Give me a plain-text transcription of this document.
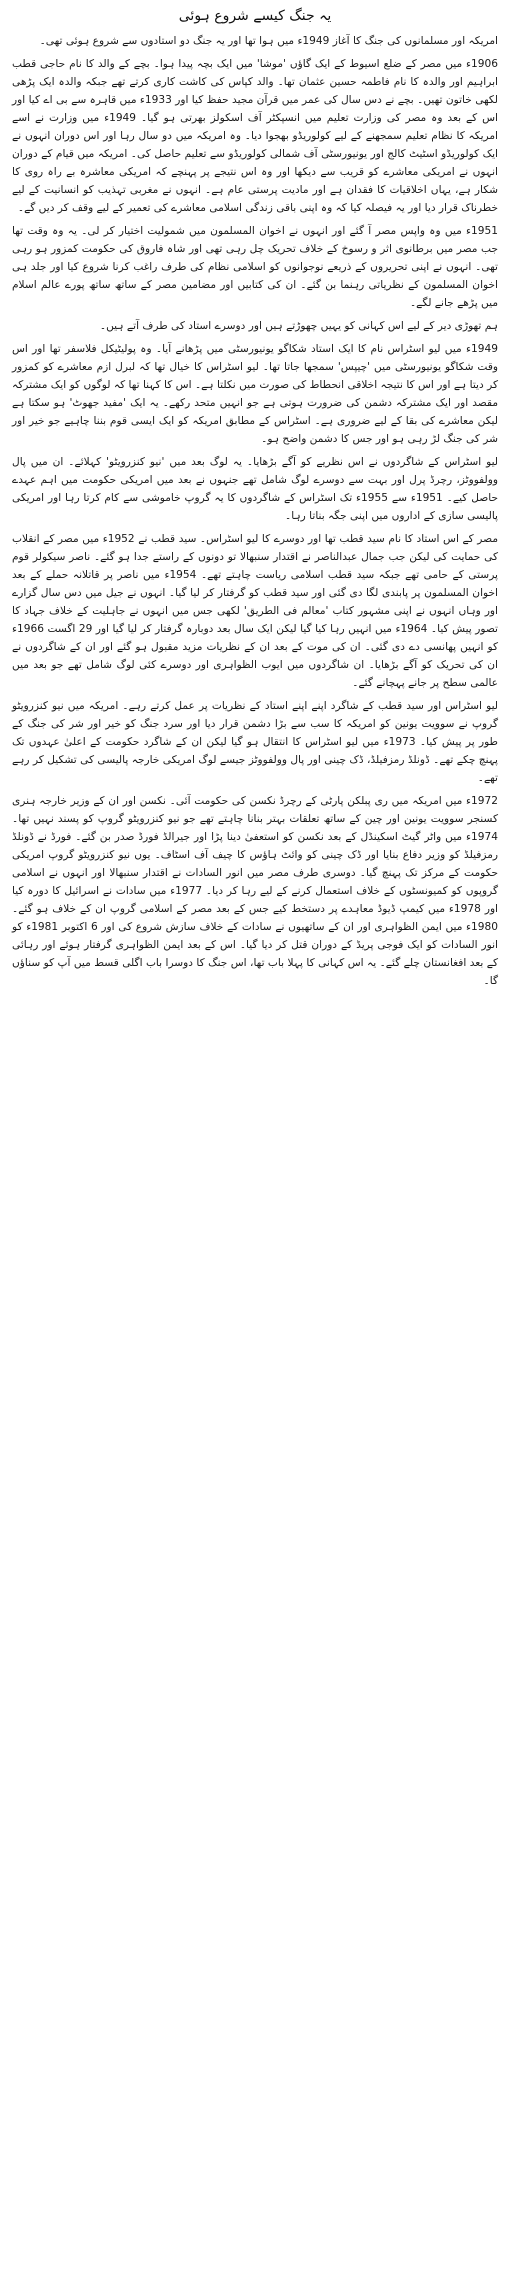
یہ جنگ کیسے شروع ہوئی

امریکہ اور مسلمانوں کی جنگ کا آغاز 1949ء میں ہوا تھا اور یہ جنگ دو استادوں سے شروع ہوئی تھی۔

1906ء میں مصر کے ضلع اسیوط کے ایک گاؤں 'موشا' میں ایک بچہ پیدا ہوا۔ بچے کے والد کا نام حاجی قطب ابراہیم اور والدہ کا نام فاطمہ حسین عثمان تھا۔ والد کپاس کی کاشت کاری کرتے تھے جبکہ والدہ ایک پڑھی لکھی خاتون تھیں۔ بچے نے دس سال کی عمر میں قرآن مجید حفظ کیا اور 1933ء میں قاہرہ سے بی اے کیا اور اس کے بعد وہ مصر کی وزارت تعلیم میں انسپکٹر آف اسکولز بھرتی ہو گیا۔ 1949ء میں وزارت نے اسے امریکہ کا نظام تعلیم سمجھنے کے لیے کولوریڈو بھجوا دیا۔ وہ امریکہ میں دو سال رہا اور اس دوران انہوں نے ایک کولوریڈو اسٹیٹ کالج اور یونیورسٹی آف شمالی کولوریڈو سے تعلیم حاصل کی۔ امریکہ میں قیام کے دوران انہوں نے امریکی معاشرے کو قریب سے دیکھا اور وہ اس نتیجے پر پہنچے کہ امریکی معاشرہ بے راہ روی کا شکار ہے، یہاں اخلاقیات کا فقدان ہے اور مادیت پرستی عام ہے۔ انہوں نے مغربی تہذیب کو انسانیت کے لیے خطرناک قرار دیا اور یہ فیصلہ کیا کہ وہ اپنی باقی زندگی اسلامی معاشرے کی تعمیر کے لیے وقف کر دیں گے۔

1951ء میں وہ واپس مصر آ گئے اور انہوں نے اخوان المسلمون میں شمولیت اختیار کر لی۔ یہ وہ وقت تھا جب مصر میں برطانوی اثر و رسوخ کے خلاف تحریک چل رہی تھی اور شاہ فاروق کی حکومت کمزور ہو رہی تھی۔ انہوں نے اپنی تحریروں کے ذریعے نوجوانوں کو اسلامی نظام کی طرف راغب کرنا شروع کیا اور جلد ہی اخوان المسلمون کے نظریاتی رہنما بن گئے۔ ان کی کتابیں اور مضامین مصر کے ساتھ ساتھ پورے عالم اسلام میں پڑھے جانے لگے۔

ہم تھوڑی دیر کے لیے اس کہانی کو یہیں چھوڑتے ہیں اور دوسرے استاد کی طرف آتے ہیں۔

1949ء میں لیو اسٹراس نام کا ایک استاد شکاگو یونیورسٹی میں پڑھانے آیا۔ وہ پولیٹیکل فلاسفر تھا اور اس وقت شکاگو یونیورسٹی میں 'چیپس' سمجھا جاتا تھا۔ لیو اسٹراس کا خیال تھا کہ لبرل ازم معاشرے کو کمزور کر دیتا ہے اور اس کا نتیجہ اخلاقی انحطاط کی صورت میں نکلتا ہے۔ اس کا کہنا تھا کہ لوگوں کو ایک مشترکہ مقصد اور ایک مشترکہ دشمن کی ضرورت ہوتی ہے جو انہیں متحد رکھے۔ یہ ایک 'مفید جھوٹ' ہو سکتا ہے لیکن معاشرے کی بقا کے لیے ضروری ہے۔ اسٹراس کے مطابق امریکہ کو ایک ایسی قوم بننا چاہیے جو خیر اور شر کی جنگ لڑ رہی ہو اور جس کا دشمن واضح ہو۔

لیو اسٹراس کے شاگردوں نے اس نظریے کو آگے بڑھایا۔ یہ لوگ بعد میں 'نیو کنزرویٹو' کہلائے۔ ان میں پال وولفووٹز، رچرڈ پرل اور بہت سے دوسرے لوگ شامل تھے جنہوں نے بعد میں امریکی حکومت میں اہم عہدے حاصل کیے۔ 1951ء سے 1955ء تک اسٹراس کے شاگردوں کا یہ گروپ خاموشی سے کام کرتا رہا اور امریکی پالیسی سازی کے اداروں میں اپنی جگہ بناتا رہا۔

مصر کے اس استاد کا نام سید قطب تھا اور دوسرے کا لیو اسٹراس۔ سید قطب نے 1952ء میں مصر کے انقلاب کی حمایت کی لیکن جب جمال عبدالناصر نے اقتدار سنبھالا تو دونوں کے راستے جدا ہو گئے۔ ناصر سیکولر قوم پرستی کے حامی تھے جبکہ سید قطب اسلامی ریاست چاہتے تھے۔ 1954ء میں ناصر پر قاتلانہ حملے کے بعد اخوان المسلمون پر پابندی لگا دی گئی اور سید قطب کو گرفتار کر لیا گیا۔ انہوں نے جیل میں دس سال گزارے اور وہاں انہوں نے اپنی مشہور کتاب 'معالم فی الطریق' لکھی جس میں انہوں نے جاہلیت کے خلاف جہاد کا تصور پیش کیا۔ 1964ء میں انہیں رہا کیا گیا لیکن ایک سال بعد دوبارہ گرفتار کر لیا گیا اور 29 اگست 1966ء کو انہیں پھانسی دے دی گئی۔ ان کی موت کے بعد ان کے نظریات مزید مقبول ہو گئے اور ان کے شاگردوں نے ان کی تحریک کو آگے بڑھایا۔ ان شاگردوں میں ایوب الظواہری اور دوسرے کئی لوگ شامل تھے جو بعد میں عالمی سطح پر جانے پہچانے گئے۔

لیو اسٹراس اور سید قطب کے شاگرد اپنے اپنے استاد کے نظریات پر عمل کرتے رہے۔ امریکہ میں نیو کنزرویٹو گروپ نے سوویت یونین کو امریکہ کا سب سے بڑا دشمن قرار دیا اور سرد جنگ کو خیر اور شر کی جنگ کے طور پر پیش کیا۔ 1973ء میں لیو اسٹراس کا انتقال ہو گیا لیکن ان کے شاگرد حکومت کے اعلیٰ عہدوں تک پہنچ چکے تھے۔ ڈونلڈ رمزفیلڈ، ڈک چینی اور پال وولفووٹز جیسے لوگ امریکی خارجہ پالیسی کی تشکیل کر رہے تھے۔

1972ء میں امریکہ میں ری پبلکن پارٹی کے رچرڈ نکسن کی حکومت آئی۔ نکسن اور ان کے وزیر خارجہ ہنری کسنجر سوویت یونین اور چین کے ساتھ تعلقات بہتر بنانا چاہتے تھے جو نیو کنزرویٹو گروپ کو پسند نہیں تھا۔ 1974ء میں واٹر گیٹ اسکینڈل کے بعد نکسن کو استعفیٰ دینا پڑا اور جیرالڈ فورڈ صدر بن گئے۔ فورڈ نے ڈونلڈ رمزفیلڈ کو وزیر دفاع بنایا اور ڈک چینی کو وائٹ ہاؤس کا چیف آف اسٹاف۔ یوں نیو کنزرویٹو گروپ امریکی حکومت کے مرکز تک پہنچ گیا۔ دوسری طرف مصر میں انور السادات نے اقتدار سنبھالا اور انہوں نے اسلامی گروپوں کو کمیونسٹوں کے خلاف استعمال کرنے کے لیے رہا کر دیا۔ 1977ء میں سادات نے اسرائیل کا دورہ کیا اور 1978ء میں کیمپ ڈیوڈ معاہدے پر دستخط کیے جس کے بعد مصر کے اسلامی گروپ ان کے خلاف ہو گئے۔ 1980ء میں ایمن الظواہری اور ان کے ساتھیوں نے سادات کے خلاف سازش شروع کی اور 6 اکتوبر 1981ء کو انور السادات کو ایک فوجی پریڈ کے دوران قتل کر دیا گیا۔ اس کے بعد ایمن الظواہری گرفتار ہوئے اور رہائی کے بعد افغانستان چلے گئے۔ یہ اس کہانی کا پہلا باب تھا، اس جنگ کا دوسرا باب اگلی قسط میں آپ کو سناؤں گا۔
